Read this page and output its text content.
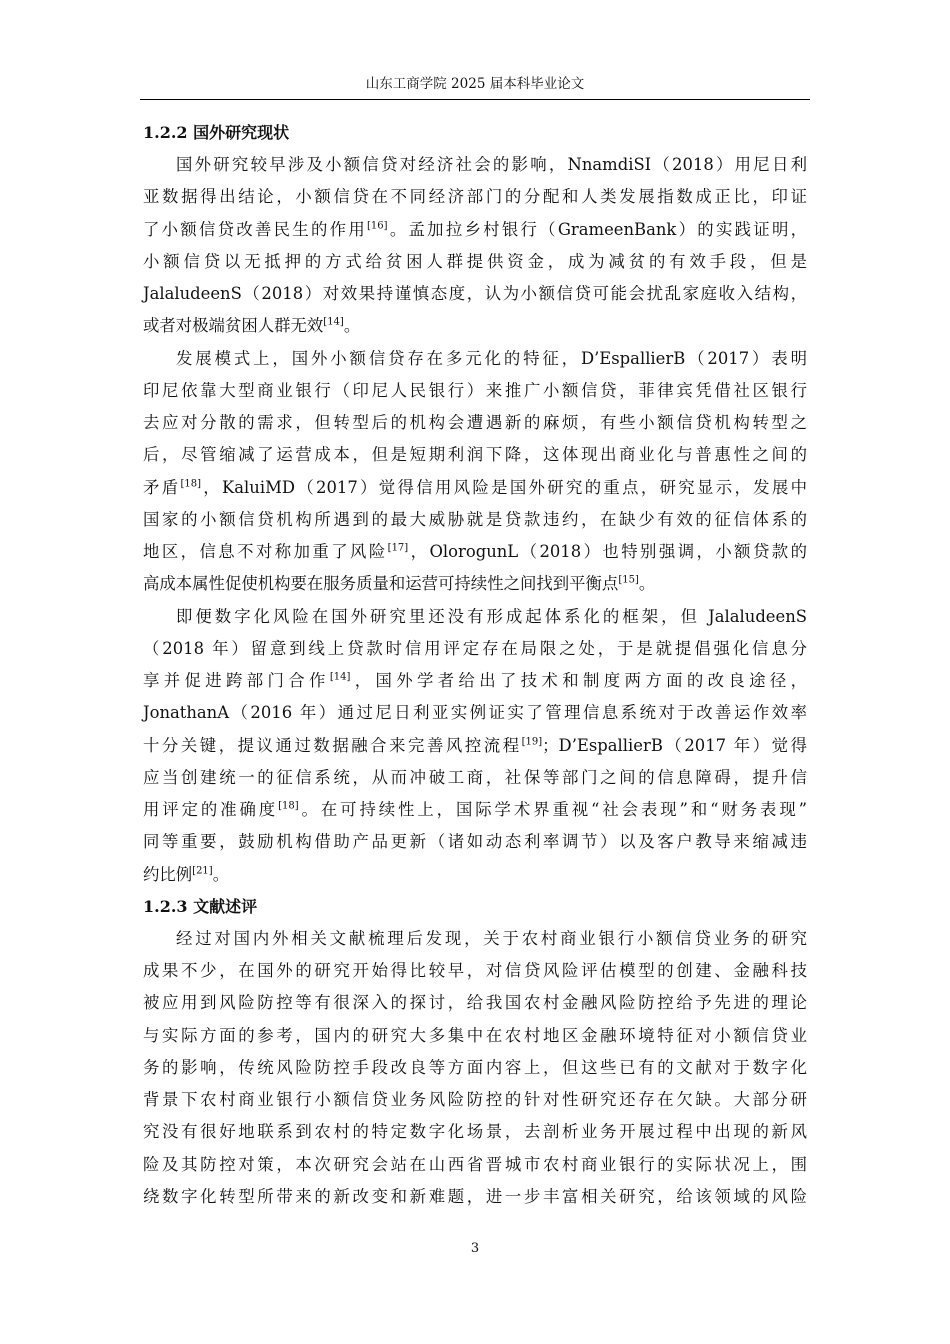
山东工商学院 2025 届本科毕业论文
1.2.2 国外研究现状
国外研究较早涉及小额信贷对经济社会的影响，NnamdiSI（2018）用尼日利
亚数据得出结论，小额信贷在不同经济部门的分配和人类发展指数成正比，印证
了小额信贷改善民生的作用[16]。孟加拉乡村银行（GrameenBank）的实践证明，
小额信贷以无抵押的方式给贫困人群提供资金，成为减贫的有效手段，但是
JalaludeenS（2018）对效果持谨慎态度，认为小额信贷可能会扰乱家庭收入结构，
或者对极端贫困人群无效[14]。
发展模式上，国外小额信贷存在多元化的特征，D’EspallierB（2017）表明
印尼依靠大型商业银行（印尼人民银行）来推广小额信贷，菲律宾凭借社区银行
去应对分散的需求，但转型后的机构会遭遇新的麻烦，有些小额信贷机构转型之
后，尽管缩减了运营成本，但是短期利润下降，这体现出商业化与普惠性之间的
矛盾[18]，KaluiMD（2017）觉得信用风险是国外研究的重点，研究显示，发展中
国家的小额信贷机构所遇到的最大威胁就是贷款违约，在缺少有效的征信体系的
地区，信息不对称加重了风险[17]，OlorogunL（2018）也特别强调，小额贷款的
高成本属性促使机构要在服务质量和运营可持续性之间找到平衡点[15]。
即便数字化风险在国外研究里还没有形成起体系化的框架，但 JalaludeenS
（2018 年）留意到线上贷款时信用评定存在局限之处，于是就提倡强化信息分
享并促进跨部门合作[14]，国外学者给出了技术和制度两方面的改良途径，
JonathanA（2016 年）通过尼日利亚实例证实了管理信息系统对于改善运作效率
十分关键，提议通过数据融合来完善风控流程[19]；D’EspallierB（2017 年）觉得
应当创建统一的征信系统，从而冲破工商，社保等部门之间的信息障碍，提升信
用评定的准确度[18]。在可持续性上，国际学术界重视“社会表现”和“财务表现”
同等重要，鼓励机构借助产品更新（诸如动态利率调节）以及客户教导来缩减违
约比例[21]。
1.2.3 文献述评
经过对国内外相关文献梳理后发现，关于农村商业银行小额信贷业务的研究
成果不少，在国外的研究开始得比较早，对信贷风险评估模型的创建、金融科技
被应用到风险防控等有很深入的探讨，给我国农村金融风险防控给予先进的理论
与实际方面的参考，国内的研究大多集中在农村地区金融环境特征对小额信贷业
务的影响，传统风险防控手段改良等方面内容上，但这些已有的文献对于数字化
背景下农村商业银行小额信贷业务风险防控的针对性研究还存在欠缺。大部分研
究没有很好地联系到农村的特定数字化场景，去剖析业务开展过程中出现的新风
险及其防控对策，本次研究会站在山西省晋城市农村商业银行的实际状况上，围
绕数字化转型所带来的新改变和新难题，进一步丰富相关研究，给该领域的风险
3
